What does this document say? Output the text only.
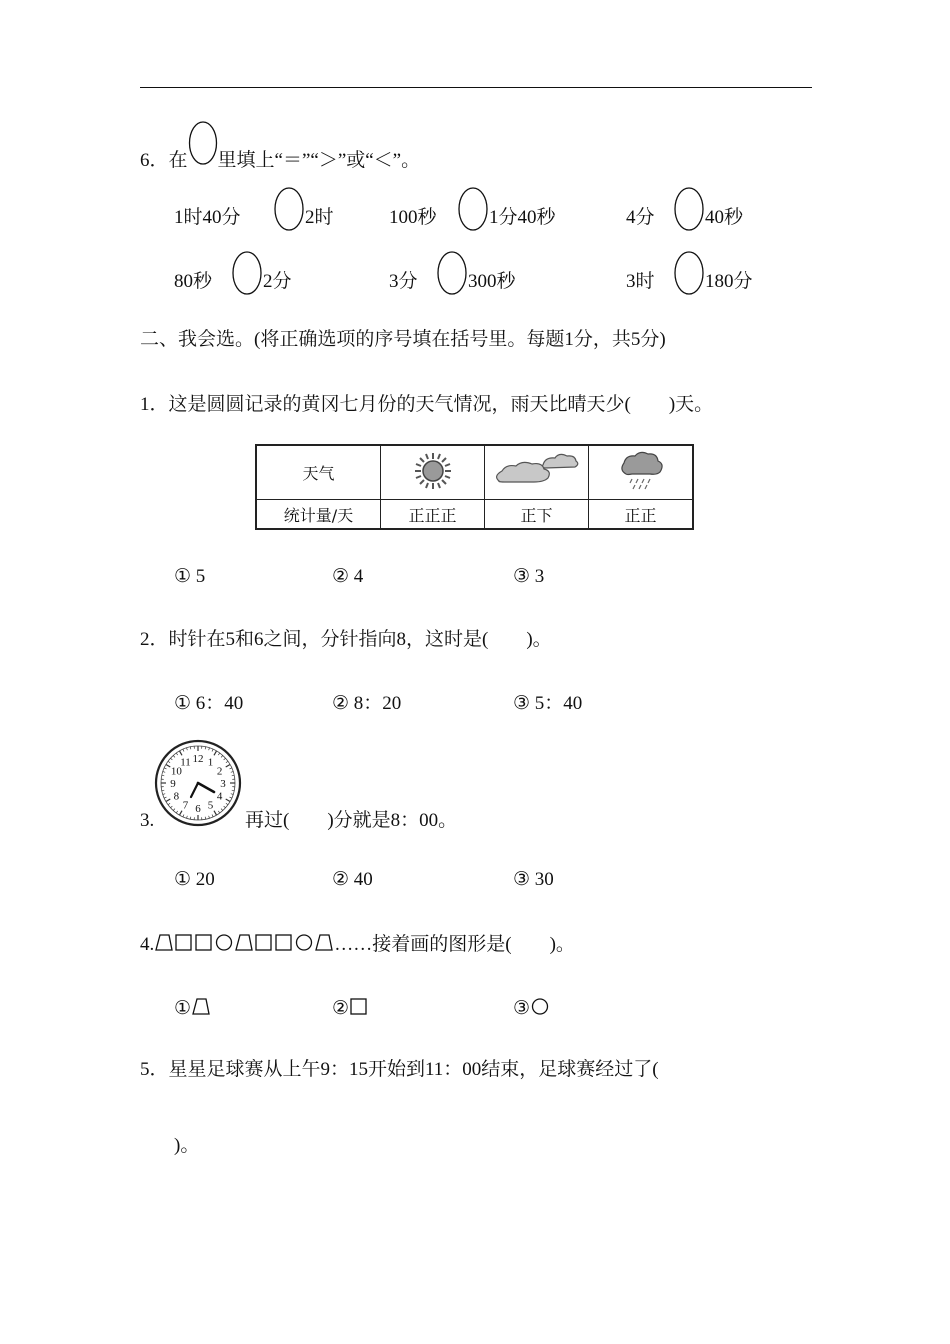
6．在 里填上“＝”“＞”或“＜”。
1时40分	2时	100秒	1分40秒	4分	40秒
80秒	2分	3分	300秒	3时	180分
二、我会选。(将正确选项的序号填在括号里。每题1分，共5分)
1．这是圆圆记录的黄冈七月份的天气情况，雨天比晴天少(　　)天。
天气			
统计量/天	正正正	正下	正正
① 5	② 4	③ 3
2．时针在5和6之间，分针指向8，这时是(　　)。
① 6：40	② 8：20	③ 5：40
3.
12 1
2
3
4
5
6
7
8
9
10
11
再过(　　)分就是8：00。
① 20	② 40	③ 30
4.	……接着画的图形是(　　)。
①	②	③
5．星星足球赛从上午9：15开始到11：00结束，足球赛经过了(
)。
